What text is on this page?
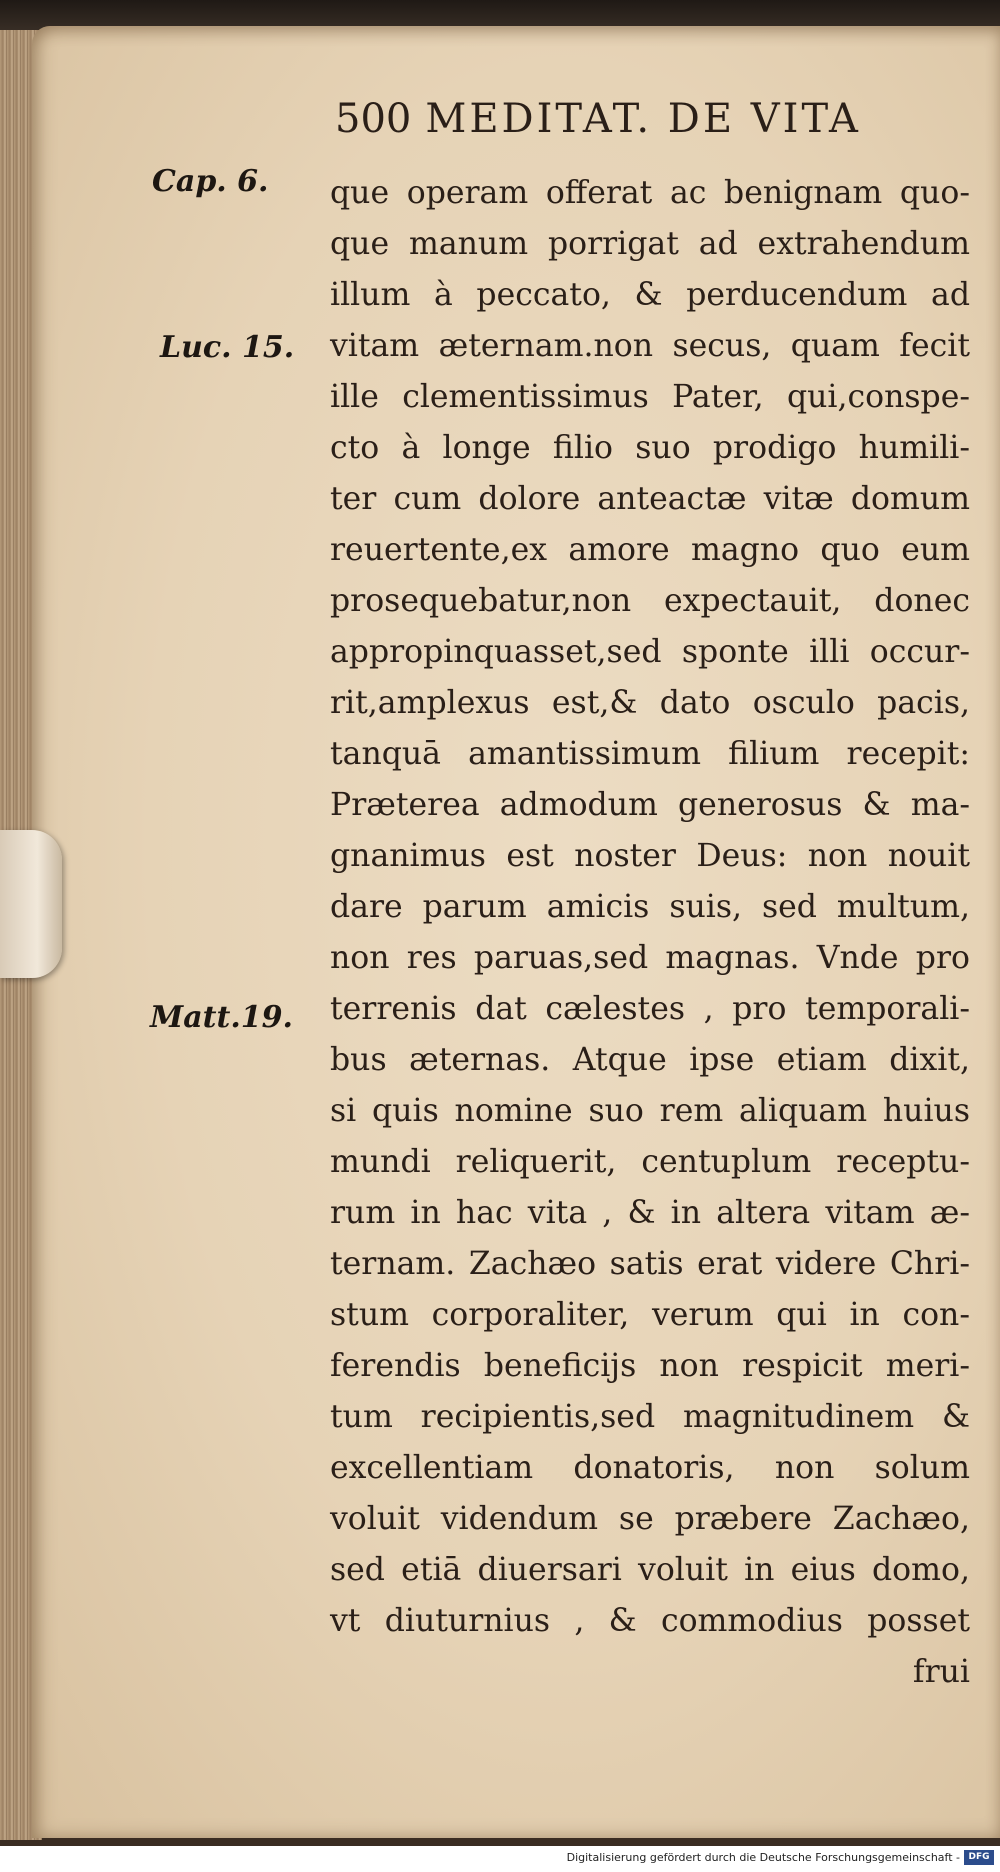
500 MEDITAT. DE VITA
Cap. 6.
Luc. 15.
Matt.19.
que operam offerat ac benignam quo-
que manum porrigat ad extrahendum
illum à peccato, & perducendum ad
vitam æternam.non secus, quam fecit
ille clementissimus Pater, qui,conspe-
cto à longe filio suo prodigo humili-
ter cum dolore anteactæ vitæ domum
reuertente,ex amore magno quo eum
prosequebatur,non expectauit, donec
appropinquasset,sed sponte illi occur-
rit,amplexus est,& dato osculo pacis,
tanquā amantissimum filium recepit:
Præterea admodum generosus & ma-
gnanimus est noster Deus: non nouit
dare parum amicis suis, sed multum,
non res paruas,sed magnas. Vnde pro
terrenis dat cælestes , pro temporali-
bus æternas. Atque ipse etiam dixit,
si quis nomine suo rem aliquam huius
mundi reliquerit, centuplum receptu-
rum in hac vita , & in altera vitam æ-
ternam. Zachæo satis erat videre Chri-
stum corporaliter, verum qui in con-
ferendis beneficijs non respicit meri-
tum recipientis,sed magnitudinem &
excellentiam donatoris, non solum
voluit videndum se præbere Zachæo,
sed etiā diuersari voluit in eius domo,
vt diuturnius , & commodius posset
frui
Digitalisierung gefördert durch die Deutsche Forschungsgemeinschaft - DFG
